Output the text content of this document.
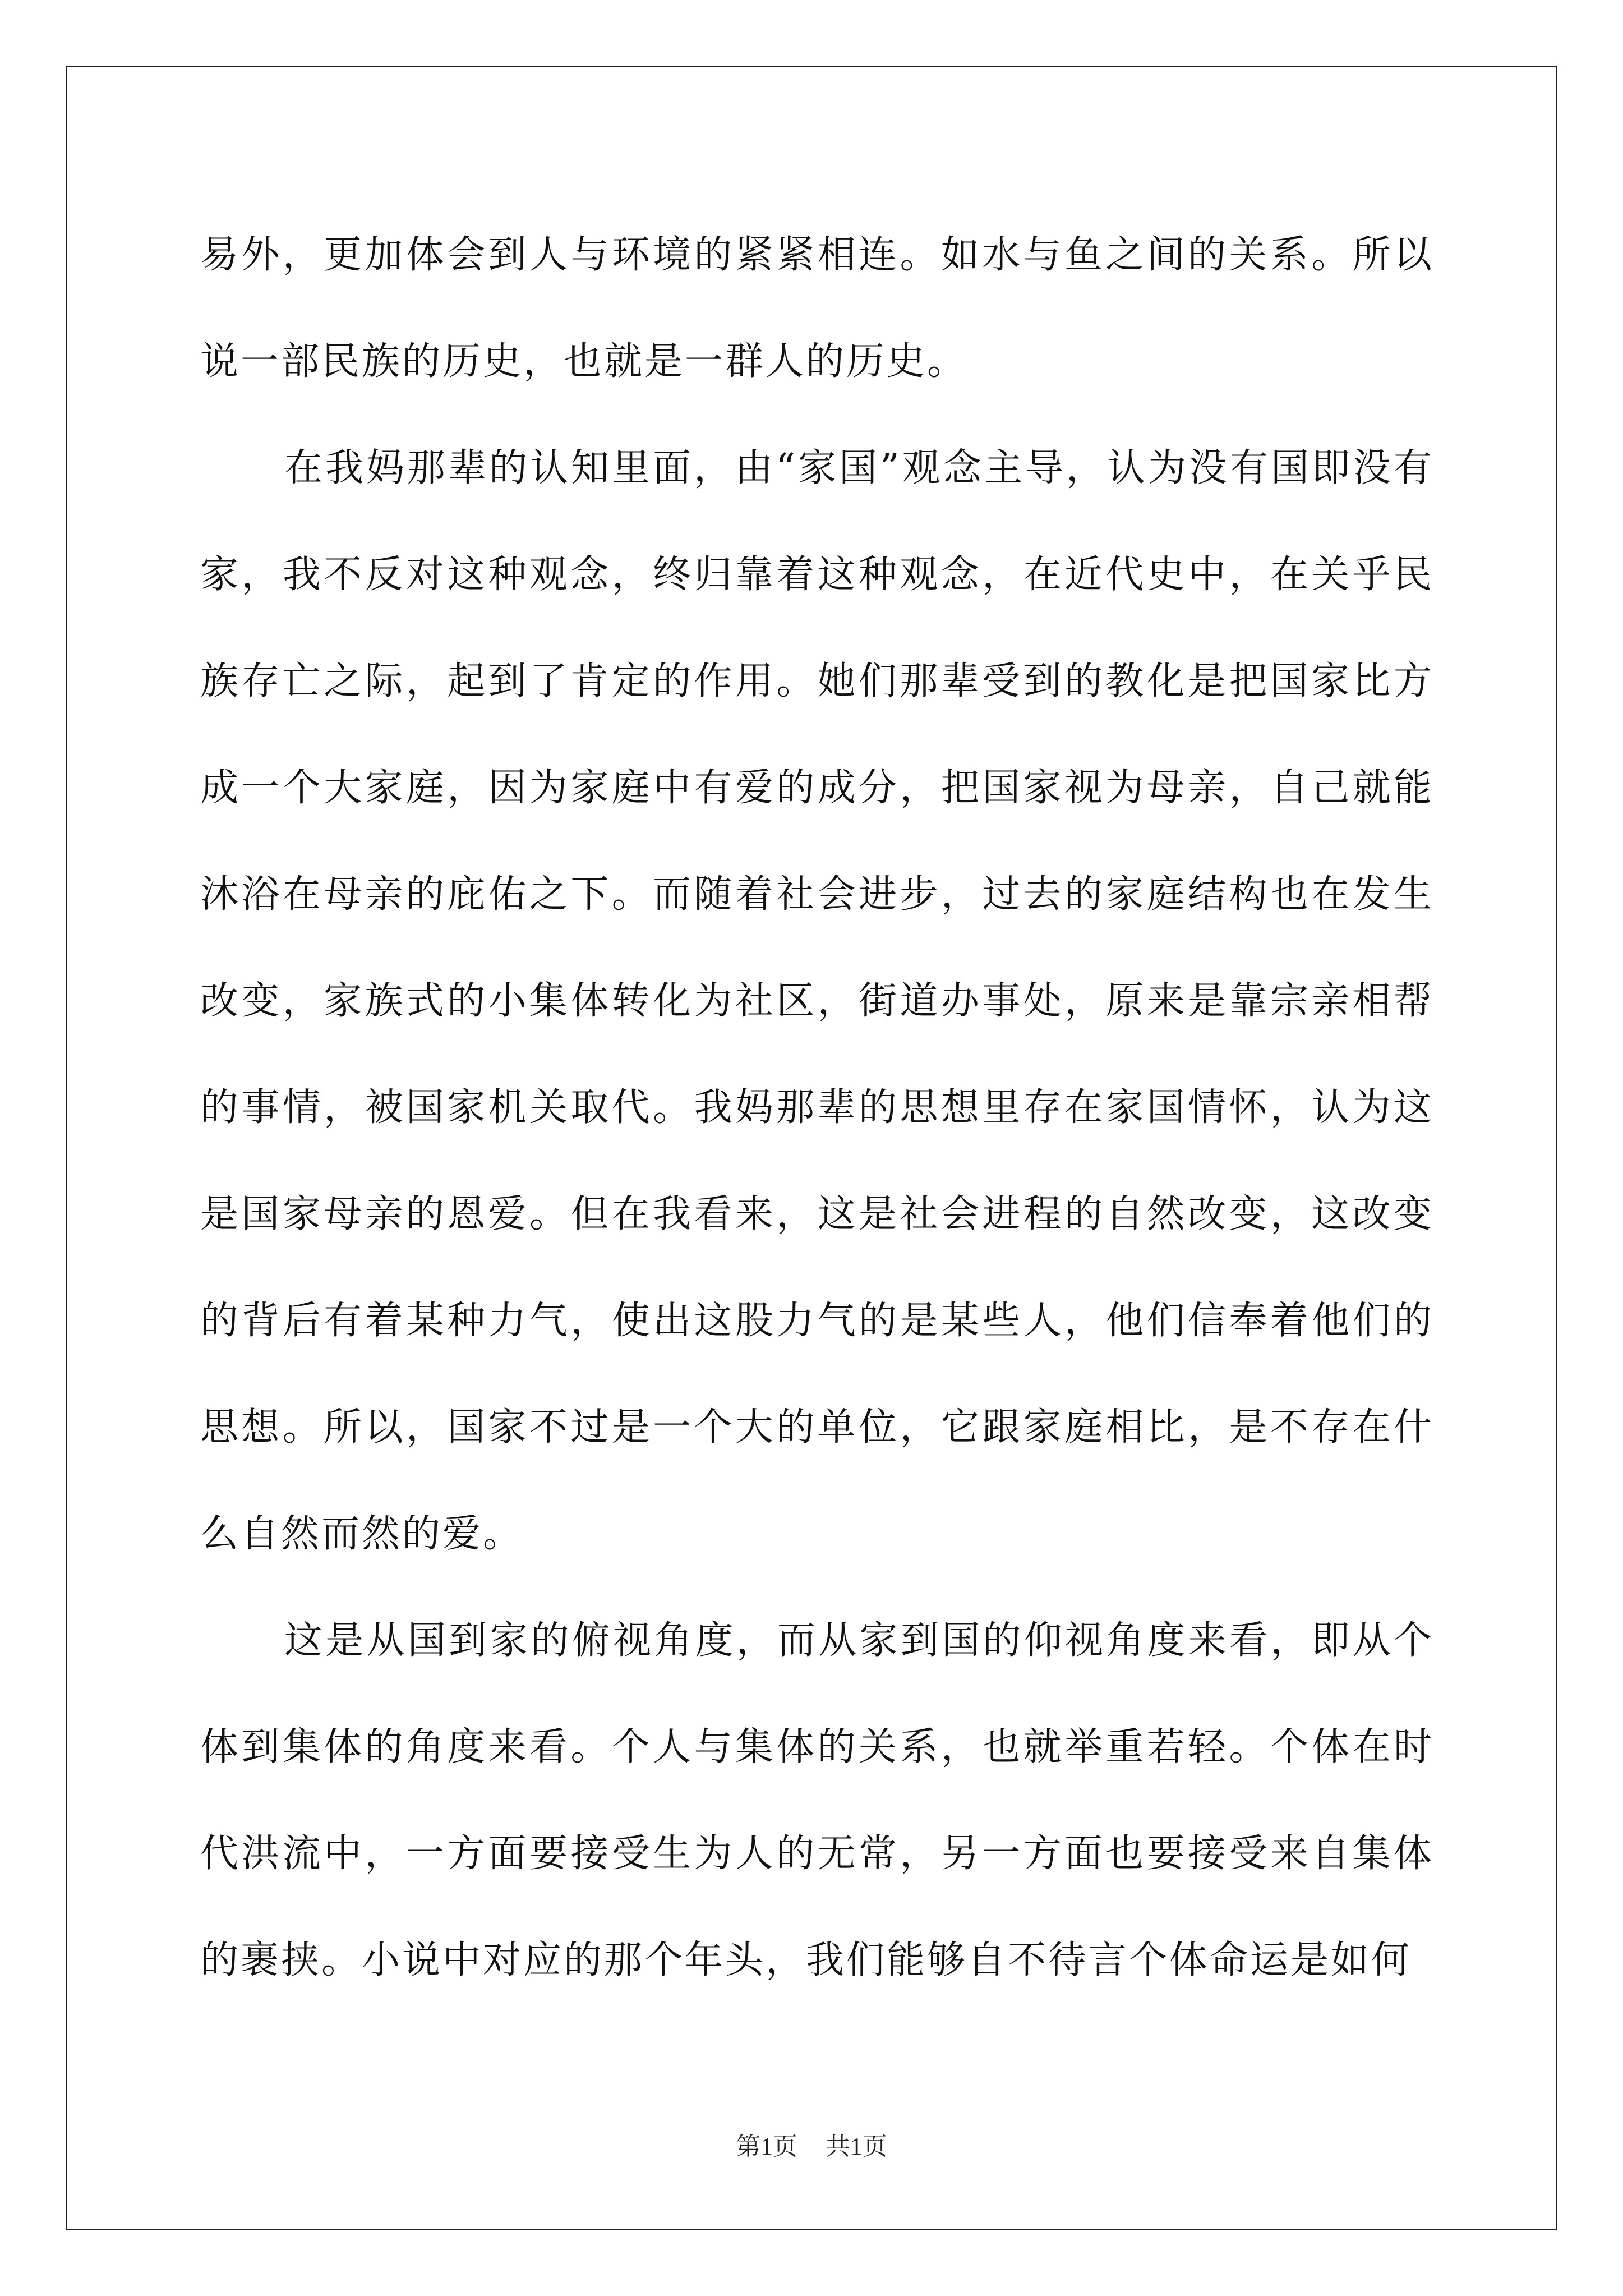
易外，更加体会到人与环境的紧紧相连。如水与鱼之间的关系。所以说一部民族的历史，也就是一群人的历史。

在我妈那辈的认知里面，由“家国”观念主导，认为没有国即没有家，我不反对这种观念，终归靠着这种观念，在近代史中，在关乎民族存亡之际，起到了肯定的作用。她们那辈受到的教化是把国家比方成一个大家庭，因为家庭中有爱的成分，把国家视为母亲，自己就能沐浴在母亲的庇佑之下。而随着社会进步，过去的家庭结构也在发生改变，家族式的小集体转化为社区，街道办事处，原来是靠宗亲相帮的事情，被国家机关取代。我妈那辈的思想里存在家国情怀，认为这是国家母亲的恩爱。但在我看来，这是社会进程的自然改变，这改变的背后有着某种力气，使出这股力气的是某些人，他们信奉着他们的思想。所以，国家不过是一个大的单位，它跟家庭相比，是不存在什么自然而然的爱。

这是从国到家的俯视角度，而从家到国的仰视角度来看，即从个体到集体的角度来看。个人与集体的关系，也就举重若轻。个体在时代洪流中，一方面要接受生为人的无常，另一方面也要接受来自集体的裹挟。小说中对应的那个年头，我们能够自不待言个体命运是如何

第1页 共1页
